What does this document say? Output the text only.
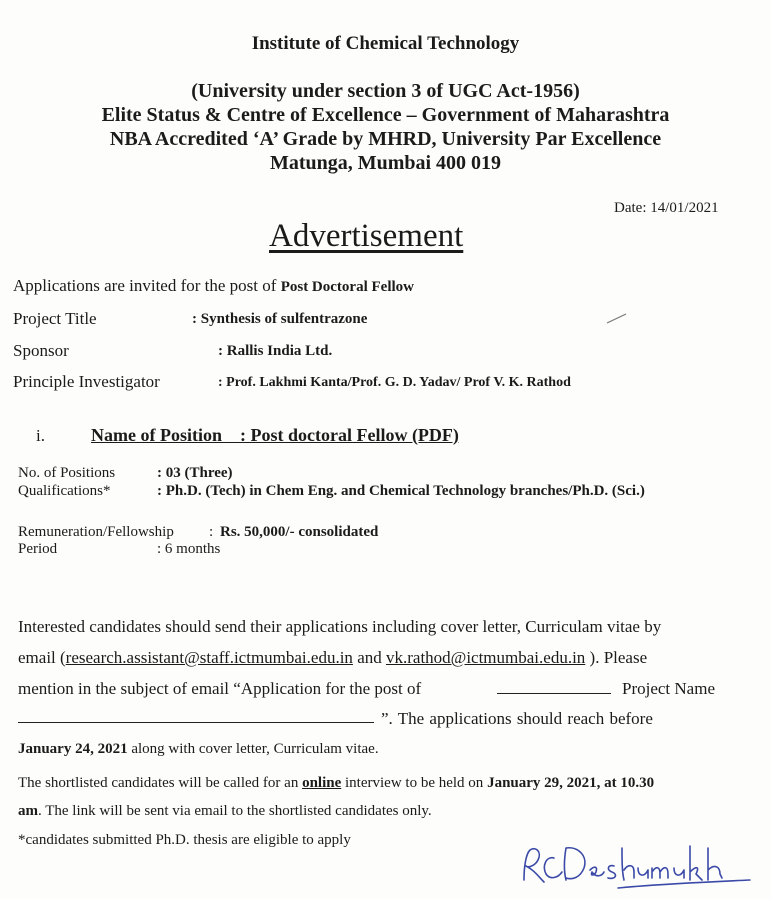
Institute of Chemical Technology
(University under section 3 of UGC Act-1956)
Elite Status & Centre of Excellence – Government of Maharashtra
NBA Accredited ‘A’ Grade by MHRD, University Par Excellence
Matunga, Mumbai 400 019
Date: 14/01/2021
Advertisement
Applications are invited for the post of Post Doctoral Fellow
Project Title	: Synthesis of sulfentrazone
Sponsor	: Rallis India Ltd.
Principle Investigator	: Prof. Lakhmi Kanta/Prof. G. D. Yadav/ Prof V. K. Rathod
i.	Name of Position : Post doctoral Fellow (PDF)
No. of Positions	: 03 (Three)
Qualifications*	: Ph.D. (Tech) in Chem Eng. and Chemical Technology branches/Ph.D. (Sci.)
Remuneration/Fellowship : Rs. 50,000/- consolidated
Period	: 6 months
Interested candidates should send their applications including cover letter, Curriculam vitae by
email (research.assistant@staff.ictmumbai.edu.in and vk.rathod@ictmumbai.edu.in ). Please
mention in the subject of email “Application for the post of	Project Name
”. The applications should reach before
January 24, 2021 along with cover letter, Curriculam vitae.
The shortlisted candidates will be called for an online interview to be held on January 29, 2021, at 10.30
am. The link will be sent via email to the shortlisted candidates only.
*candidates submitted Ph.D. thesis are eligible to apply
